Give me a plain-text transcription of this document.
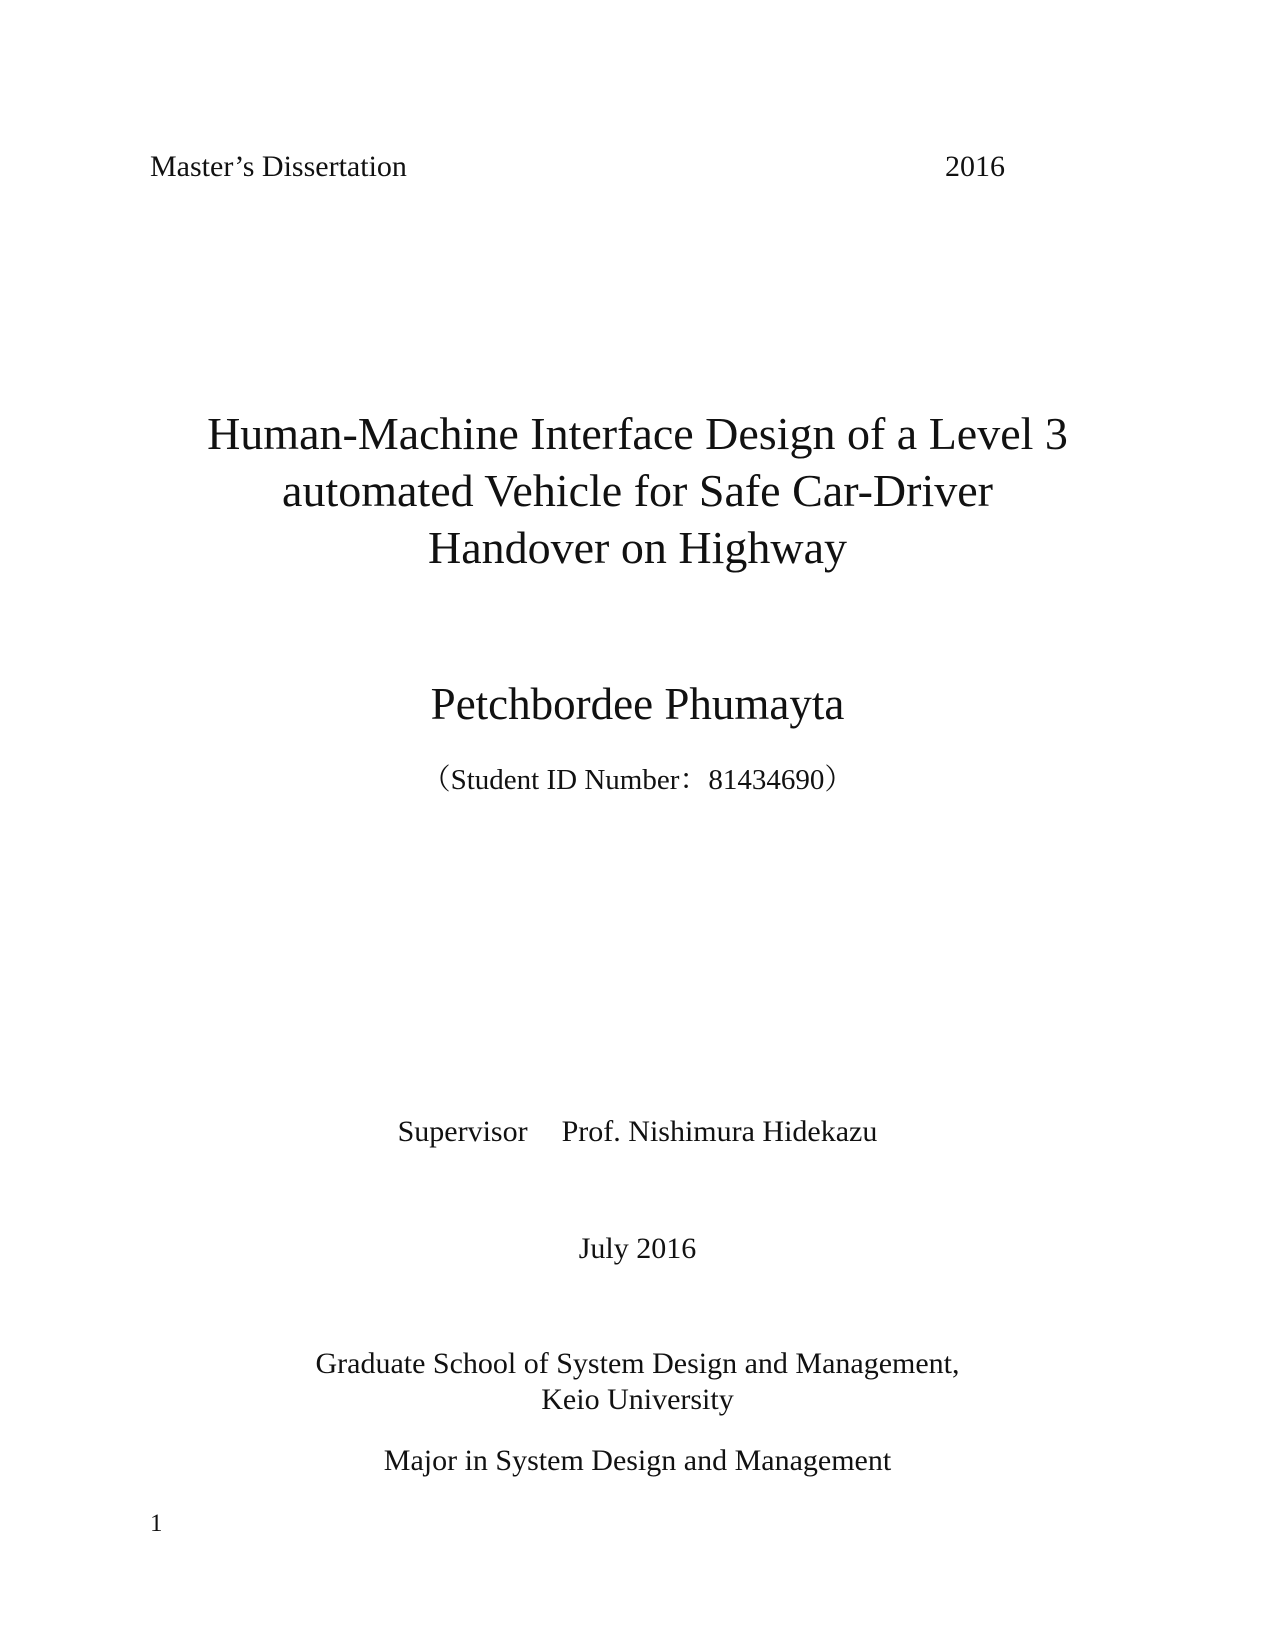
Master’s Dissertation	2016
Human-Machine Interface Design of a Level 3
automated Vehicle for Safe Car-Driver
Handover on Highway
Petchbordee Phumayta
（Student ID Number：81434690）
Supervisor Prof. Nishimura Hidekazu
July 2016
Graduate School of System Design and Management,
Keio University
Major in System Design and Management
1
